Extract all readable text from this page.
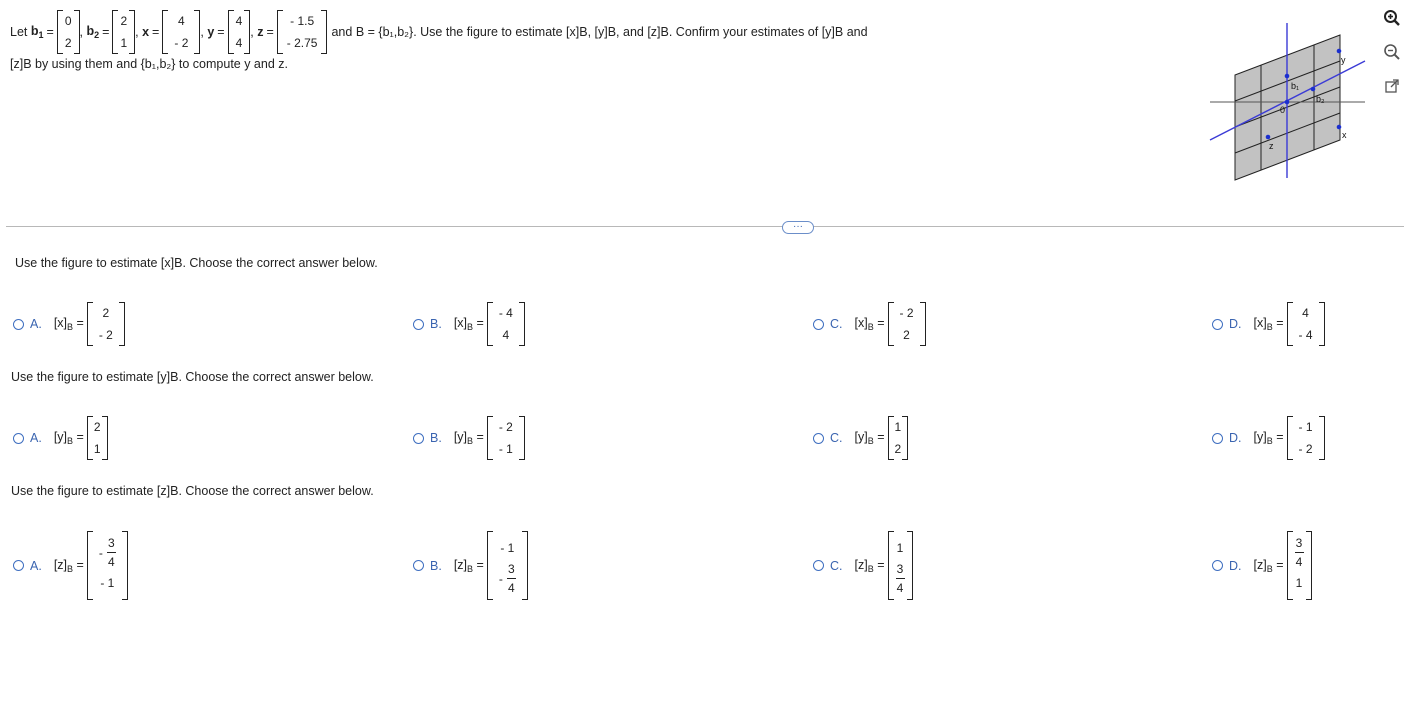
Let
$b_1$ =
0
2
, $b_2$ =
2
1
, x =
4
- 2
, y =
4
4
, z =
- 1.5
- 2.75
and B = {b₁,b₂}. Use the figure to estimate [x]B, [y]B, and [z]B. Confirm your estimates of [y]B and
[z]B by using them and {b₁,b₂} to compute y and z.
b₁
b₂
0
y
x
z
···
Use the figure to estimate [x]B. Choose the correct answer below.
A. $[x]_B$ =
2
- 2
B. $[x]_B$ =
- 4
4
C. $[x]_B$ =
- 2
2
D. $[x]_B$ =
4
- 4
Use the figure to estimate [y]B. Choose the correct answer below.
A. $[y]_B$ =
2
1
B. $[y]_B$ =
- 2
- 1
C. $[y]_B$ =
1
2
D. $[y]_B$ =
- 1
- 2
Use the figure to estimate [z]B. Choose the correct answer below.
A. $[z]_B$ =
- $\frac{3}{4}$
- 1
B. $[z]_B$ =
- 1
- $\frac{3}{4}$	C. $[z]_B$ =
1
$\frac{3}{4}$	D. $[z]_B = \frac{3}{4}$
1
